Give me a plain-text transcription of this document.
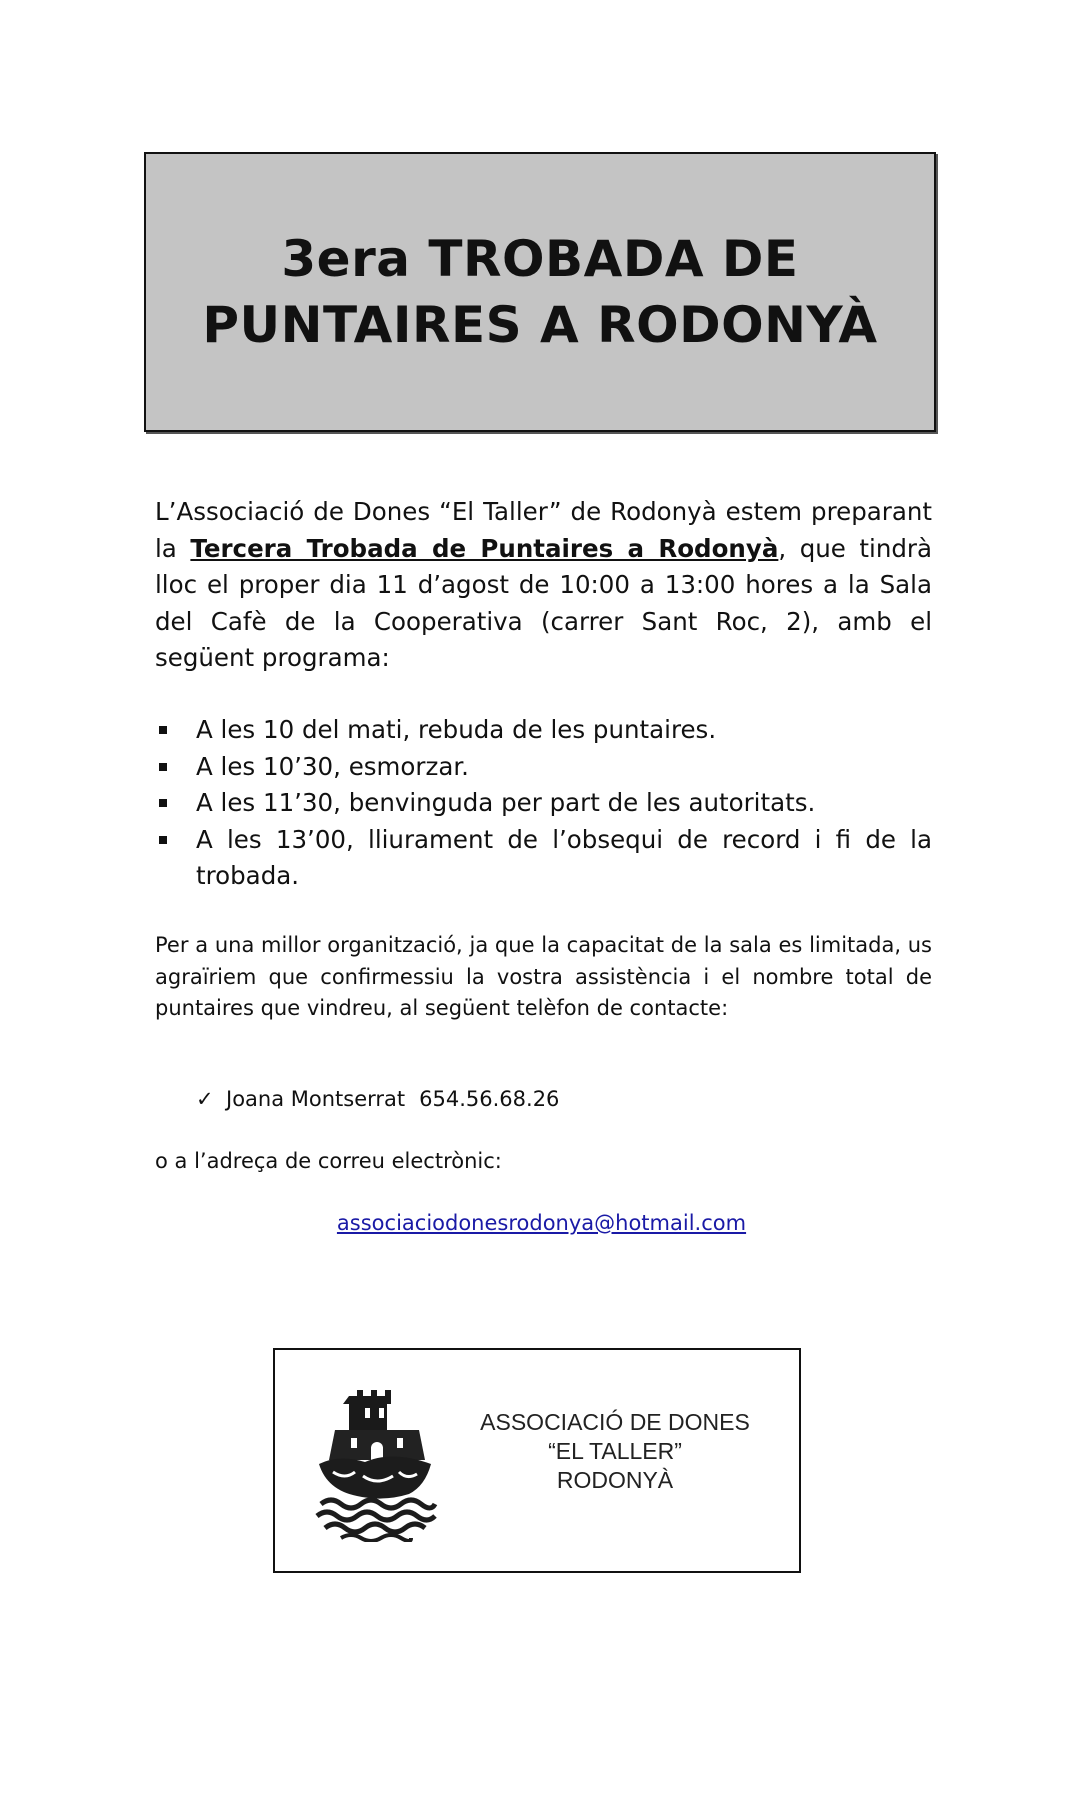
3era TROBADA DE
PUNTAIRES A RODONYÀ

L’Associació de Dones “El Taller” de Rodonyà estem preparant la Tercera Trobada de Puntaires a Rodonyà, que tindrà lloc el proper dia 11 d’agost de 10:00 a 13:00 hores a la Sala del Cafè de la Cooperativa (carrer Sant Roc, 2), amb el següent programa:

A les 10 del mati, rebuda de les puntaires.
A les 10’30, esmorzar.
A les 11’30, benvinguda per part de les autoritats.
A les 13’00, lliurament de l’obsequi de record i fi de la trobada.

Per a una millor organització, ja que la capacitat de la sala es limitada, us agraïriem que confirmessiu la vostra assistència i el nombre total de puntaires que vindreu, al següent telèfon de contacte:

✓ Joana Montserrat 654.56.68.26
o a l’adreça de correu electrònic:
associaciodonesrodonya@hotmail.com
ASSOCIACIÓ DE DONES
“EL TALLER”
RODONYÀ
